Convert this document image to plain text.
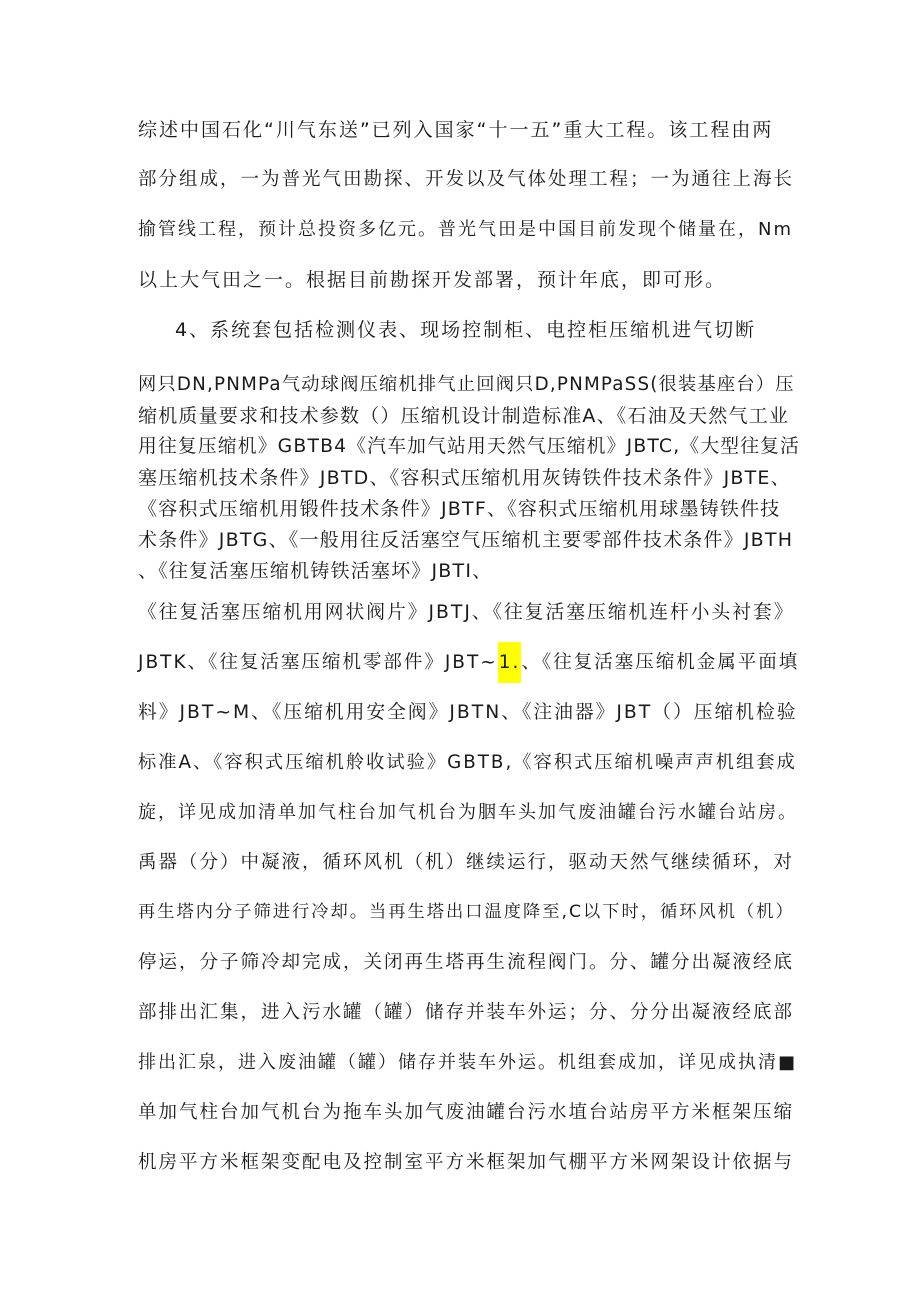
综述中国石化“川气东送”已列入国家“十一五”重大工程。该工程由两
部分组成，一为普光气田勘探、开发以及气体处理工程；一为通往上海长
揄管线工程，预计总投资多亿元。普光气田是中国目前发现个储量在，Nm
以上大气田之一。根据目前勘探开发部署，预计年底，即可形。
4、系统套包括检测仪表、现场控制柜、电控柜压缩机进气切断
网只DN,PNMPa气动球阀压缩机排气止回阀只D,PNMPaSS(很装基座台）压
缩机质量要求和技术参数（）压缩机设计制造标准A、《石油及天然气工业
用往复压缩机》GBTB4《汽车加气站用天然气压缩机》JBTC,《大型往复活
塞压缩机技术条件》JBTD、《容积式压缩机用灰铸铁件技术条件》JBTE、
《容积式压缩机用锻件技术条件》JBTF、《容积式压缩机用球墨铸铁件技
术条件》JBTG、《一般用往反活塞空气压缩机主要零部件技术条件》JBTH
、《往复活塞压缩机铸铁活塞坏》JBTI、
《往复活塞压缩机用网状阀片》JBTJ、《往复活塞压缩机连杆小头衬套》
JBTK、《往复活塞压缩机零部件》JBT~1.、《往复活塞压缩机金属平面填
料》JBT~M、《压缩机用安全阀》JBTN、《注油器》JBT（）压缩机检验
标准A、《容积式压缩机舲收试验》GBTB,《容积式压缩机噪声声机组套成
旋，详见成加清单加气柱台加气机台为胭车头加气废油罐台污水罐台站房。
禹器（分）中凝液，循环风机（机）继续运行，驱动天然气继续循环，对
再生塔内分子筛进行冷却。当再生塔出口温度降至,C以下时，循环风机（机）
停运，分子筛冷却完成，关闭再生塔再生流程阀门。分、罐分出凝液经底
部排出汇集，进入污水罐（罐）储存并装车外运；分、分分出凝液经底部
排出汇泉，进入废油罐（罐）储存并装车外运。机组套成加，详见成执清■
单加气柱台加气机台为拖车头加气废油罐台污水埴台站房平方米框架压缩
机房平方米框架变配电及控制室平方米框架加气棚平方米网架设计依据与
